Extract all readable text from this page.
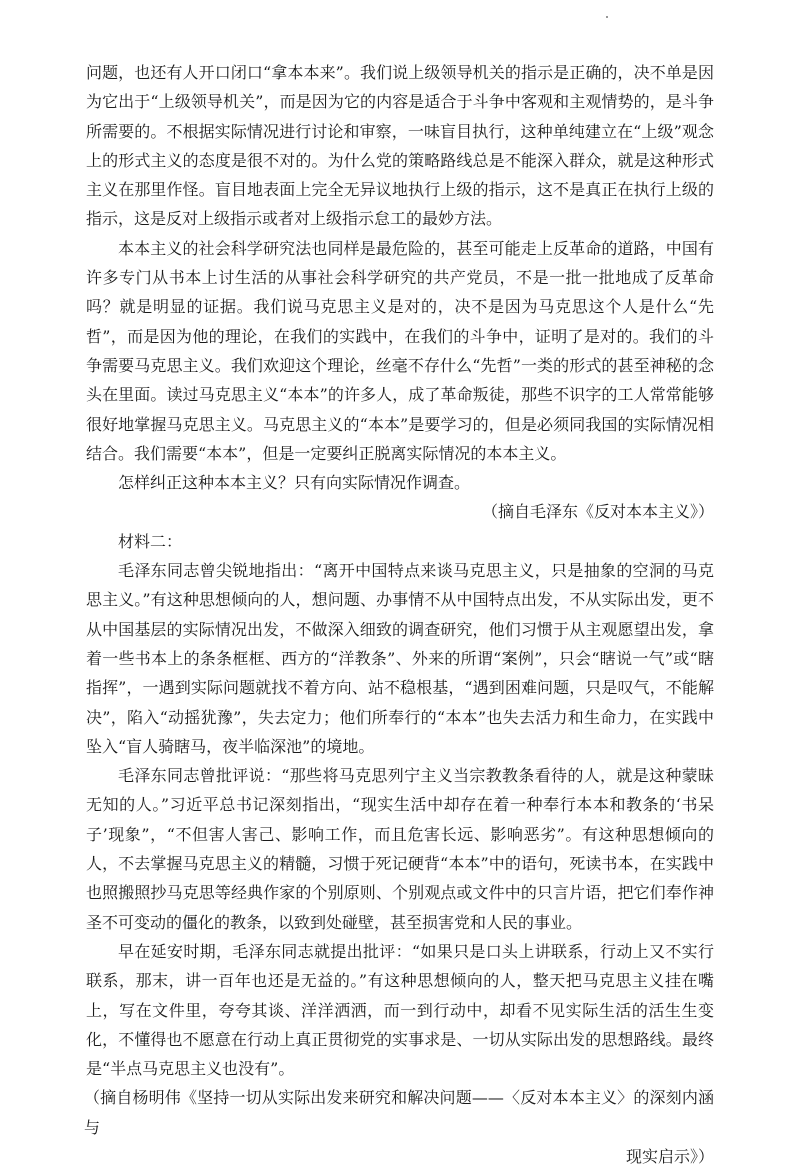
问题，也还有人开口闭口“拿本本来”。我们说上级领导机关的指示是正确的，决不单是因为它出于“上级领导机关”，而是因为它的内容是适合于斗争中客观和主观情势的，是斗争所需要的。不根据实际情况进行讨论和审察，一味盲目执行，这种单纯建立在“上级”观念上的形式主义的态度是很不对的。为什么党的策略路线总是不能深入群众，就是这种形式主义在那里作怪。盲目地表面上完全无异议地执行上级的指示，这不是真正在执行上级的指示，这是反对上级指示或者对上级指示怠工的最妙方法。

本本主义的社会科学研究法也同样是最危险的，甚至可能走上反革命的道路，中国有许多专门从书本上讨生活的从事社会科学研究的共产党员，不是一批一批地成了反革命吗？就是明显的证据。我们说马克思主义是对的，决不是因为马克思这个人是什么“先哲”，而是因为他的理论，在我们的实践中，在我们的斗争中，证明了是对的。我们的斗争需要马克思主义。我们欢迎这个理论，丝毫不存什么“先哲”一类的形式的甚至神秘的念头在里面。读过马克思主义“本本”的许多人，成了革命叛徒，那些不识字的工人常常能够很好地掌握马克思主义。马克思主义的“本本”是要学习的，但是必须同我国的实际情况相结合。我们需要“本本”，但是一定要纠正脱离实际情况的本本主义。

怎样纠正这种本本主义？只有向实际情况作调查。

（摘自毛泽东《反对本本主义》）

材料二：

毛泽东同志曾尖锐地指出：“离开中国特点来谈马克思主义，只是抽象的空洞的马克思主义。”有这种思想倾向的人，想问题、办事情不从中国特点出发，不从实际出发，更不从中国基层的实际情况出发，不做深入细致的调查研究，他们习惯于从主观愿望出发，拿着一些书本上的条条框框、西方的“洋教条”、外来的所谓“案例”，只会“瞎说一气”或“瞎指挥”，一遇到实际问题就找不着方向、站不稳根基，“遇到困难问题，只是叹气，不能解决”，陷入“动摇犹豫”，失去定力；他们所奉行的“本本”也失去活力和生命力，在实践中坠入“盲人骑瞎马，夜半临深池”的境地。

毛泽东同志曾批评说：“那些将马克思列宁主义当宗教教条看待的人，就是这种蒙昧无知的人。”习近平总书记深刻指出，“现实生活中却存在着一种奉行本本和教条的‘书呆子’现象”，“不但害人害己、影响工作，而且危害长远、影响恶劣”。有这种思想倾向的人，不去掌握马克思主义的精髓，习惯于死记硬背“本本”中的语句，死读书本，在实践中也照搬照抄马克思等经典作家的个别原则、个别观点或文件中的只言片语，把它们奉作神圣不可变动的僵化的教条，以致到处碰壁，甚至损害党和人民的事业。

早在延安时期，毛泽东同志就提出批评：“如果只是口头上讲联系，行动上又不实行联系，那末，讲一百年也还是无益的。”有这种思想倾向的人，整天把马克思主义挂在嘴上，写在文件里，夸夸其谈、洋洋洒洒，而一到行动中，却看不见实际生活的活生生变化，不懂得也不愿意在行动上真正贯彻党的实事求是、一切从实际出发的思想路线。最终是“半点马克思主义也没有”。

（摘自杨明伟《坚持一切从实际出发来研究和解决问题——〈反对本本主义〉的深刻内涵与

现实启示》）
